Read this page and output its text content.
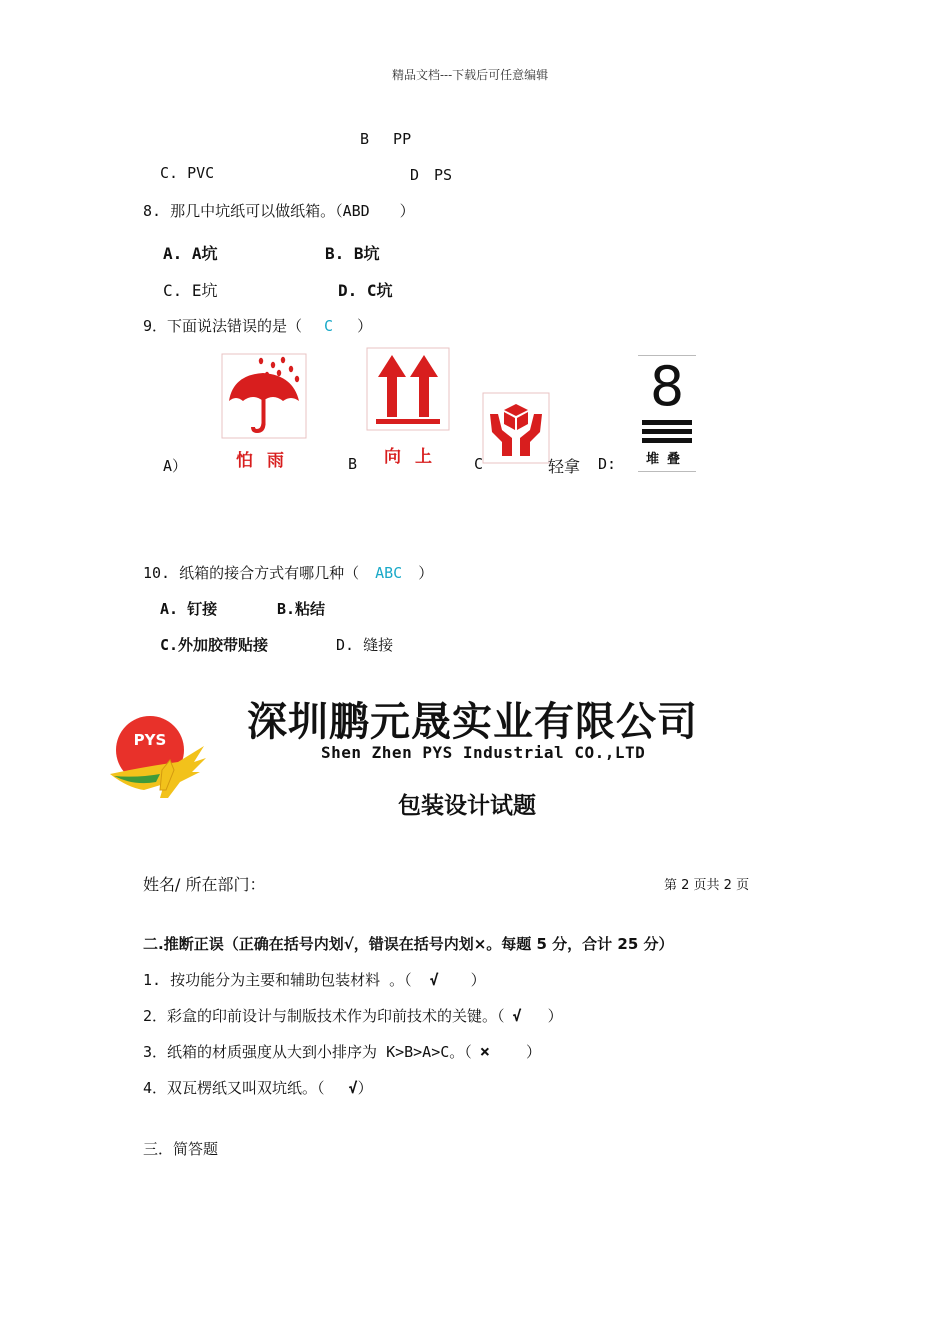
精品文档---下载后可任意编辑
B　 PP
C. PVC	D　PS
8. 那几中坑纸可以做纸箱。（ABD　　）
A. A坑	B. B坑
C. E坑	D. C坑
9．下面说法错误的是（ C ）
怕雨
A）	向上
B	C	轻拿 D:
8
堆叠
10. 纸箱的接合方式有哪几种（ ABC ）
A. 钉接	B.粘结
C.外加胶带贴接	D. 缝接
PYS 深圳鹏元晟实业有限公司
Shen Zhen PYS Industrial CO.,LTD
包装设计试题
姓名/ 所在部门：	第 2 页共 2 页
二.推断正误（正确在括号内划√，错误在括号内划×。每题 5 分，合计 25 分）
1. 按功能分为主要和辅助包装材料 。（ √ ）
2．彩盒的印前设计与制版技术作为印前技术的关键。（ √ ）
3．纸箱的材质强度从大到小排序为 K>B>A>C。（ × ）
4．双瓦楞纸又叫双坑纸。（ √）
三．简答题
